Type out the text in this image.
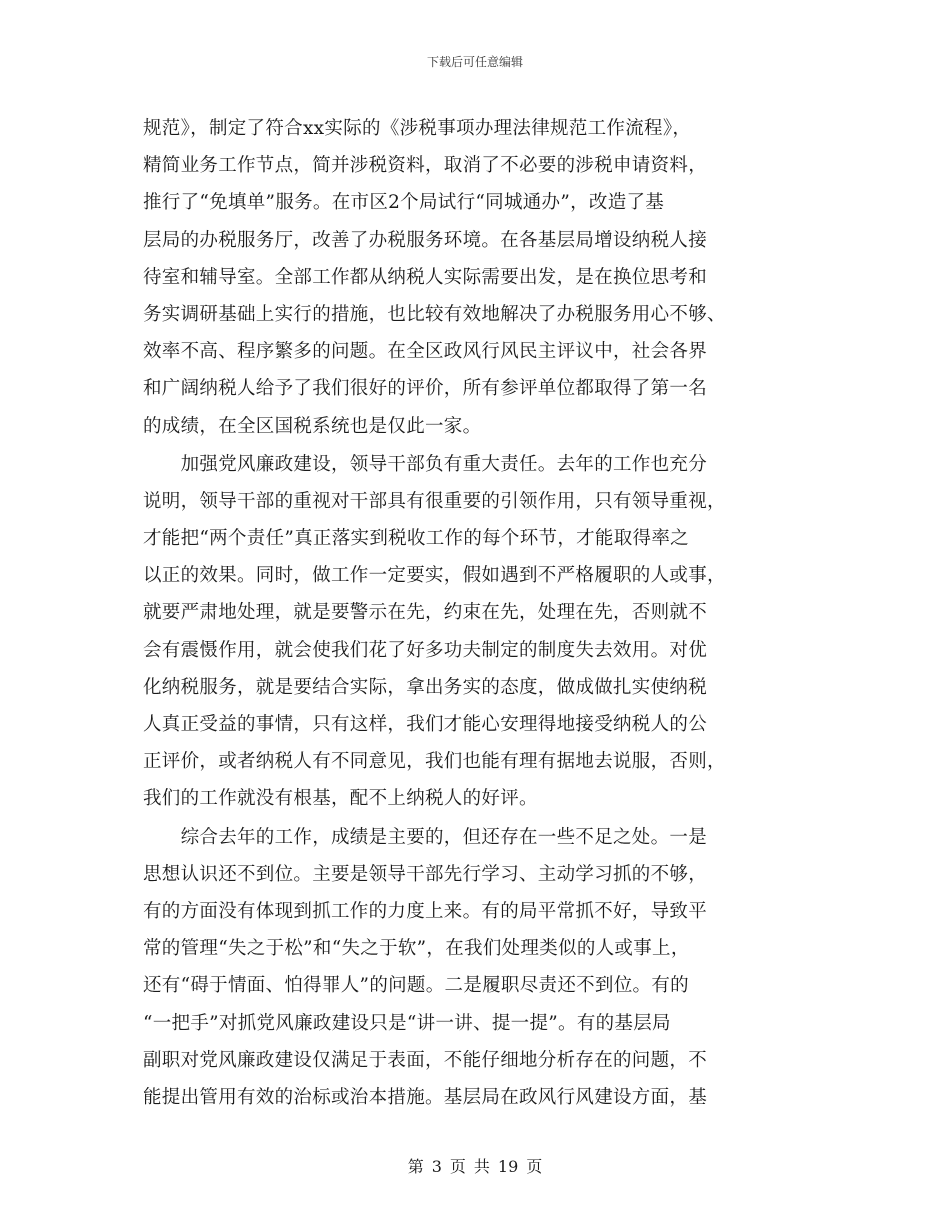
下载后可任意编辑
规范》，制定了符合xx实际的《涉税事项办理法律规范工作流程》，
精简业务工作节点，简并涉税资料，取消了不必要的涉税申请资料，
推行了“免填单”服务。在市区2个局试行“同城通办”，改造了基
层局的办税服务厅，改善了办税服务环境。在各基层局增设纳税人接
待室和辅导室。全部工作都从纳税人实际需要出发，是在换位思考和
务实调研基础上实行的措施，也比较有效地解决了办税服务用心不够、
效率不高、程序繁多的问题。在全区政风行风民主评议中，社会各界
和广阔纳税人给予了我们很好的评价，所有参评单位都取得了第一名
的成绩，在全区国税系统也是仅此一家。
　　加强党风廉政建设，领导干部负有重大责任。去年的工作也充分
说明，领导干部的重视对干部具有很重要的引领作用，只有领导重视，
才能把“两个责任”真正落实到税收工作的每个环节，才能取得率之
以正的效果。同时，做工作一定要实，假如遇到不严格履职的人或事，
就要严肃地处理，就是要警示在先，约束在先，处理在先，否则就不
会有震慑作用，就会使我们花了好多功夫制定的制度失去效用。对优
化纳税服务，就是要结合实际，拿出务实的态度，做成做扎实使纳税
人真正受益的事情，只有这样，我们才能心安理得地接受纳税人的公
正评价，或者纳税人有不同意见，我们也能有理有据地去说服，否则，
我们的工作就没有根基，配不上纳税人的好评。
　　综合去年的工作，成绩是主要的，但还存在一些不足之处。一是
思想认识还不到位。主要是领导干部先行学习、主动学习抓的不够，
有的方面没有体现到抓工作的力度上来。有的局平常抓不好，导致平
常的管理“失之于松”和“失之于软”，在我们处理类似的人或事上，
还有“碍于情面、怕得罪人”的问题。二是履职尽责还不到位。有的
“一把手”对抓党风廉政建设只是“讲一讲、提一提”。有的基层局
副职对党风廉政建设仅满足于表面，不能仔细地分析存在的问题，不
能提出管用有效的治标或治本措施。基层局在政风行风建设方面，基
第 3 页 共 19 页
